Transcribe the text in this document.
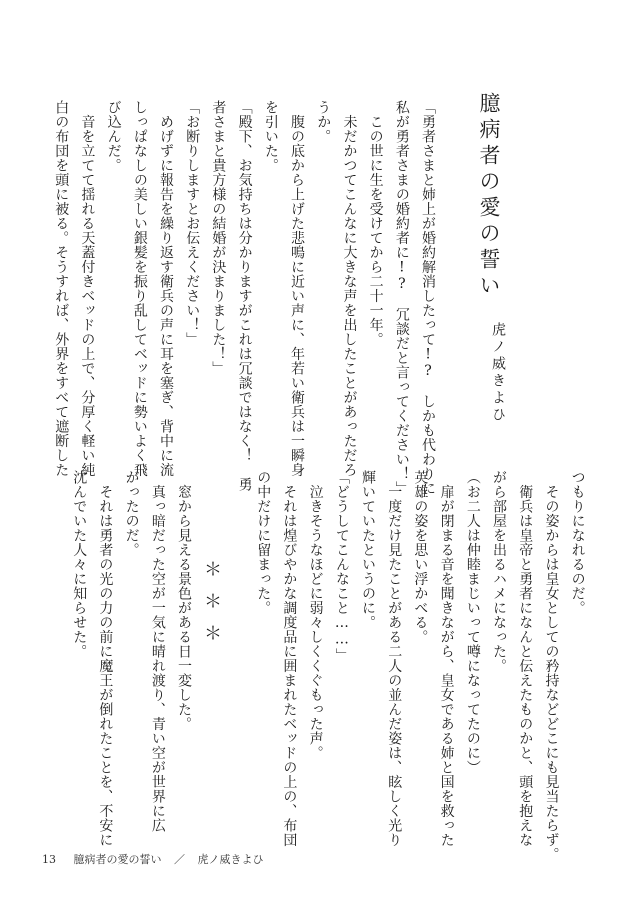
臆病者の愛の誓い
虎ノ威きよひ

「勇者さまと姉上が婚約解消したって!?　しかも代わりに

私が勇者さまの婚約者に!?　冗談だと言ってください！」

　この世に生を受けてから二十一年。

　未だかつてこんなに大きな声を出したことがあっただろ

うか。

　腹の底から上げた悲鳴に近い声に、年若い衛兵は一瞬身

を引いた。

「殿下、お気持ちは分かりますがこれは冗談ではなく！　勇

者さまと貴方様の結婚が決まりました！」

「お断りしますとお伝えください！」

　めげずに報告を繰り返す衛兵の声に耳を塞ぎ、背中に流

しっぱなしの美しい銀髪を振り乱してベッドに勢いよく飛

び込んだ。

　音を立てて揺れる天蓋付きベッドの上で、分厚く軽い純

白の布団を頭に被る。そうすれば、外界をすべて遮断した

つもりになれるのだ。

　その姿からは皇女としての矜持などどこにも見当たらず。

　衛兵は皇帝と勇者になんと伝えたものかと、頭を抱えな

がら部屋を出るハメになった。

（お二人は仲睦まじいって噂になってたのに）

　扉が閉まる音を聞きながら、皇女である姉と国を救った

英雄の姿を思い浮かべる。

　一度だけ見たことがある二人の並んだ姿は、眩しく光り

輝いていたというのに。

「どうしてこんなこと……」

　泣きそうなほどに弱々しくくぐもった声。

　それは煌びやかな調度品に囲まれたベッドの上の、布団

の中だけに留まった。

＊＊＊

　窓から見える景色がある日一変した。

　真っ暗だった空が一気に晴れ渡り、青い空が世界に広

がったのだ。

　それは勇者の光の力の前に魔王が倒れたことを、不安に

沈んでいた人々に知らせた。

13 臆病者の愛の誓い ／ 虎ノ威きよひ
